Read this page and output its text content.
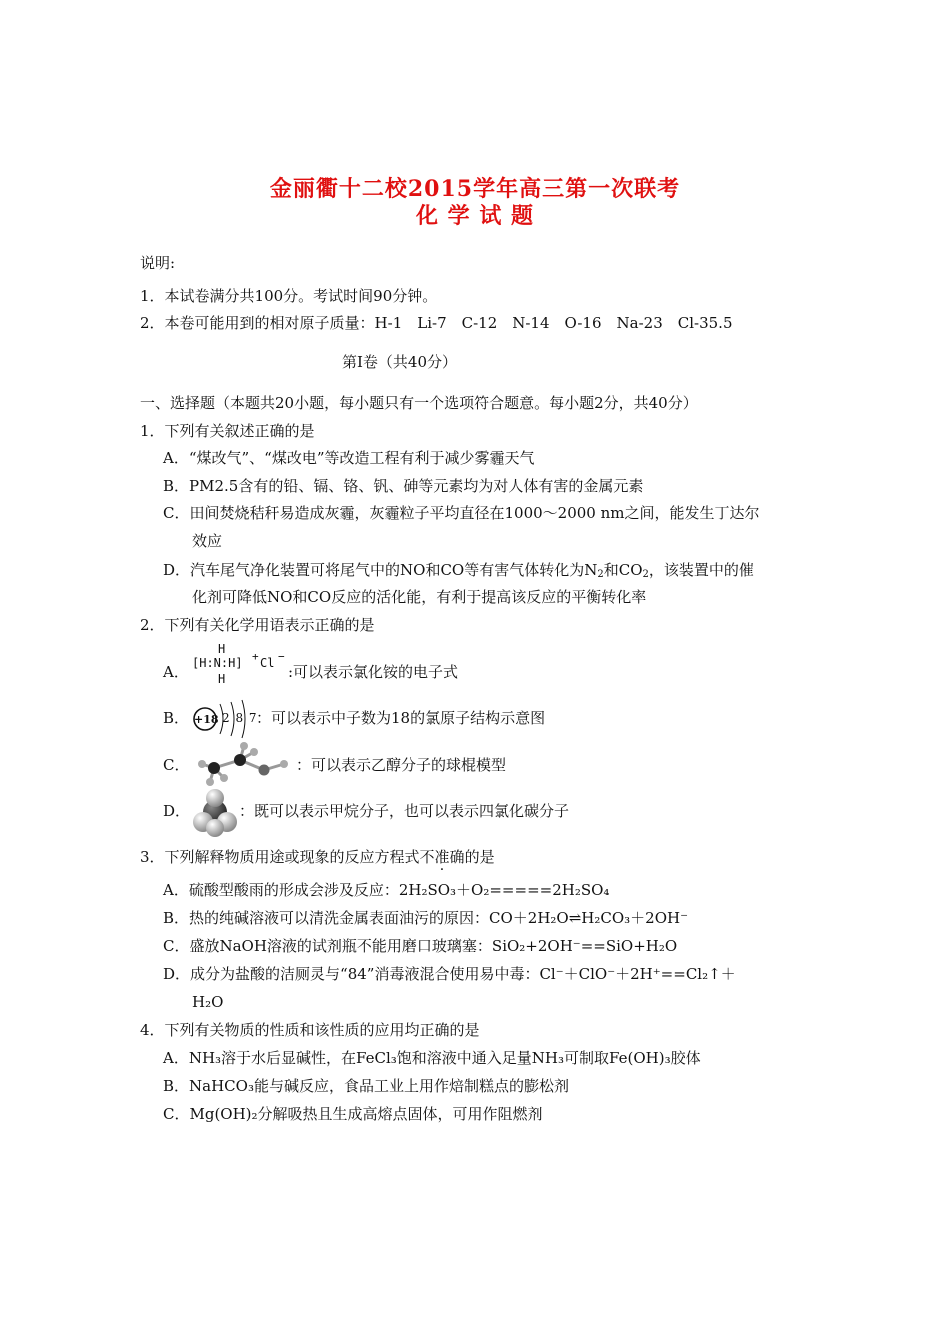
金丽衢十二校2015学年高三第一次联考
化 学 试 题
说明:
1．本试卷满分共100分。考试时间90分钟。
2．本卷可能用到的相对原子质量：H-1　Li-7　C-12　N-14　O-16　Na-23　Cl-35.5
第Ⅰ卷（共40分）
一、选择题（本题共20小题，每小题只有一个选项符合题意。每小题2分，共40分）
1．下列有关叙述正确的是
A．“煤改气”、“煤改电”等改造工程有利于减少雾霾天气
B．PM2.5含有的铅、镉、铬、钒、砷等元素均为对人体有害的金属元素
C．田间焚烧秸秆易造成灰霾，灰霾粒子平均直径在1000～2000 nm之间，能发生丁达尔
效应
D．汽车尾气净化装置可将尾气中的NO和CO等有害气体转化为$N_2$和$CO_2$，该装置中的催
化剂可降低NO和CO反应的活化能，有利于提高该反应的平衡转化率
2．下列有关化学用语表示正确的是
A．
H
[H:N:H] + Cl −
H	:可以表示氯化铵的电子式
B． +18 2 8 7 ：可以表示中子数为18的氯原子结构示意图
C．	：可以表示乙醇分子的球棍模型
D．	：既可以表示甲烷分子，也可以表示四氯化碳分子
3．下列解释物质用途或现象的反应方程式不准确的是
A．硫酸型酸雨的形成会涉及反应：2H₂SO₃＋O₂=====2H₂SO₄
B．热的纯碱溶液可以清洗金属表面油污的原因：CO＋2H₂O⇌H₂CO₃＋2OH⁻
C．盛放NaOH溶液的试剂瓶不能用磨口玻璃塞：SiO₂+2OH⁻==SiO+H₂O
D．成分为盐酸的洁厕灵与“84”消毒液混合使用易中毒：Cl⁻＋ClO⁻＋2H⁺==Cl₂↑＋
H₂O
4．下列有关物质的性质和该性质的应用均正确的是
A．NH₃溶于水后显碱性，在FeCl₃饱和溶液中通入足量NH₃可制取Fe(OH)₃胶体
B．NaHCO₃能与碱反应，食品工业上用作焙制糕点的膨松剂
C．Mg(OH)₂分解吸热且生成高熔点固体，可用作阻燃剂
